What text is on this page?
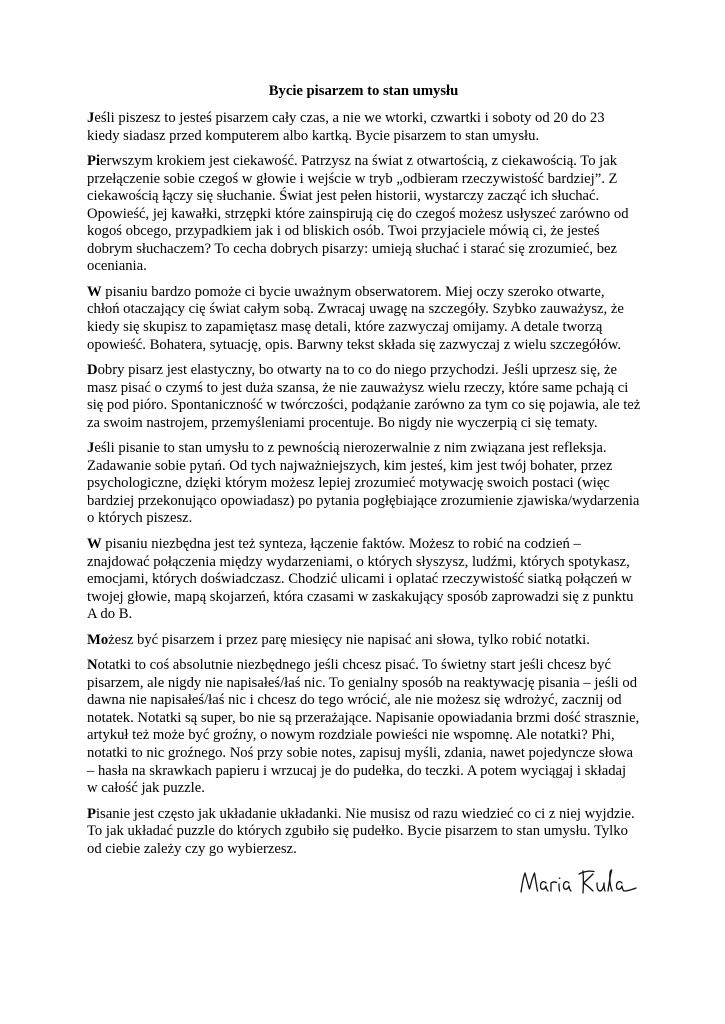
Bycie pisarzem to stan umysłu
Jeśli piszesz to jesteś pisarzem cały czas, a nie we wtorki, czwartki i soboty od 20 do 23
kiedy siadasz przed komputerem albo kartką. Bycie pisarzem to stan umysłu.
Pierwszym krokiem jest ciekawość. Patrzysz na świat z otwartością, z ciekawością. To jak
przełączenie sobie czegoś w głowie i wejście w tryb „odbieram rzeczywistość bardziej”. Z
ciekawością łączy się słuchanie. Świat jest pełen historii, wystarczy zacząć ich słuchać.
Opowieść, jej kawałki, strzępki które zainspirują cię do czegoś możesz usłyszeć zarówno od
kogoś obcego, przypadkiem jak i od bliskich osób. Twoi przyjaciele mówią ci, że jesteś
dobrym słuchaczem? To cecha dobrych pisarzy: umieją słuchać i starać się zrozumieć, bez
oceniania.
W pisaniu bardzo pomoże ci bycie uważnym obserwatorem. Miej oczy szeroko otwarte,
chłoń otaczający cię świat całym sobą. Zwracaj uwagę na szczegóły. Szybko zauważysz, że
kiedy się skupisz to zapamiętasz masę detali, które zazwyczaj omijamy. A detale tworzą
opowieść. Bohatera, sytuację, opis. Barwny tekst składa się zazwyczaj z wielu szczegółów.
Dobry pisarz jest elastyczny, bo otwarty na to co do niego przychodzi. Jeśli uprzesz się, że
masz pisać o czymś to jest duża szansa, że nie zauważysz wielu rzeczy, które same pchają ci
się pod pióro. Spontaniczność w twórczości, podążanie zarówno za tym co się pojawia, ale też
za swoim nastrojem, przemyśleniami procentuje. Bo nigdy nie wyczerpią ci się tematy.
Jeśli pisanie to stan umysłu to z pewnością nierozerwalnie z nim związana jest refleksja.
Zadawanie sobie pytań. Od tych najważniejszych, kim jesteś, kim jest twój bohater, przez
psychologiczne, dzięki którym możesz lepiej zrozumieć motywację swoich postaci (więc
bardziej przekonująco opowiadasz) po pytania pogłębiające zrozumienie zjawiska/wydarzenia
o których piszesz.
W pisaniu niezbędna jest też synteza, łączenie faktów. Możesz to robić na codzień –
znajdować połączenia między wydarzeniami, o których słyszysz, ludźmi, których spotykasz,
emocjami, których doświadczasz. Chodzić ulicami i oplatać rzeczywistość siatką połączeń w
twojej głowie, mapą skojarzeń, która czasami w zaskakujący sposób zaprowadzi się z punktu
A do B.
Możesz być pisarzem i przez parę miesięcy nie napisać ani słowa, tylko robić notatki.
Notatki to coś absolutnie niezbędnego jeśli chcesz pisać. To świetny start jeśli chcesz być
pisarzem, ale nigdy nie napisałeś/łaś nic. To genialny sposób na reaktywację pisania – jeśli od
dawna nie napisałeś/łaś nic i chcesz do tego wrócić, ale nie możesz się wdrożyć, zacznij od
notatek. Notatki są super, bo nie są przerażające. Napisanie opowiadania brzmi dość strasznie,
artykuł też może być groźny, o nowym rozdziale powieści nie wspomnę. Ale notatki? Phi,
notatki to nic groźnego. Noś przy sobie notes, zapisuj myśli, zdania, nawet pojedyncze słowa
– hasła na skrawkach papieru i wrzucaj je do pudełka, do teczki. A potem wyciągaj i składaj
w całość jak puzzle.
Pisanie jest często jak układanie układanki. Nie musisz od razu wiedzieć co ci z niej wyjdzie.
To jak układać puzzle do których zgubiło się pudełko. Bycie pisarzem to stan umysłu. Tylko
od ciebie zależy czy go wybierzesz.
